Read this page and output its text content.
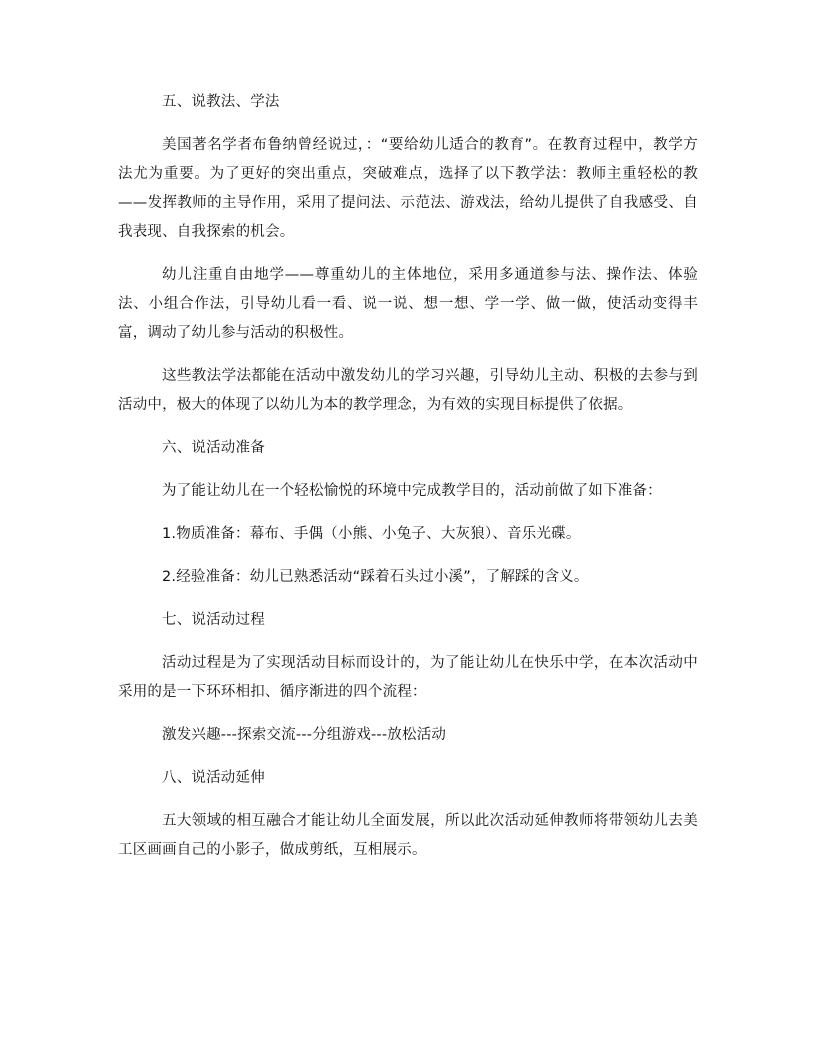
五、说教法、学法

美国著名学者布鲁纳曾经说过，：“要给幼儿适合的教育”。在教育过程中，教学方法尤为重要。为了更好的突出重点，突破难点，选择了以下教学法：教师主重轻松的教——发挥教师的主导作用，采用了提问法、示范法、游戏法，给幼儿提供了自我感受、自我表现、自我探索的机会。

幼儿注重自由地学——尊重幼儿的主体地位，采用多通道参与法、操作法、体验法、小组合作法，引导幼儿看一看、说一说、想一想、学一学、做一做，使活动变得丰富，调动了幼儿参与活动的积极性。

这些教法学法都能在活动中激发幼儿的学习兴趣，引导幼儿主动、积极的去参与到活动中，极大的体现了以幼儿为本的教学理念，为有效的实现目标提供了依据。

六、说活动准备

为了能让幼儿在一个轻松愉悦的环境中完成教学目的，活动前做了如下准备：

1.物质准备：幕布、手偶（小熊、小兔子、大灰狼）、音乐光碟。

2.经验准备：幼儿已熟悉活动“踩着石头过小溪”，了解踩的含义。

七、说活动过程

活动过程是为了实现活动目标而设计的，为了能让幼儿在快乐中学，在本次活动中采用的是一下环环相扣、循序渐进的四个流程：

激发兴趣---探索交流---分组游戏---放松活动

八、说活动延伸

五大领域的相互融合才能让幼儿全面发展，所以此次活动延伸教师将带领幼儿去美工区画画自己的小影子，做成剪纸，互相展示。
